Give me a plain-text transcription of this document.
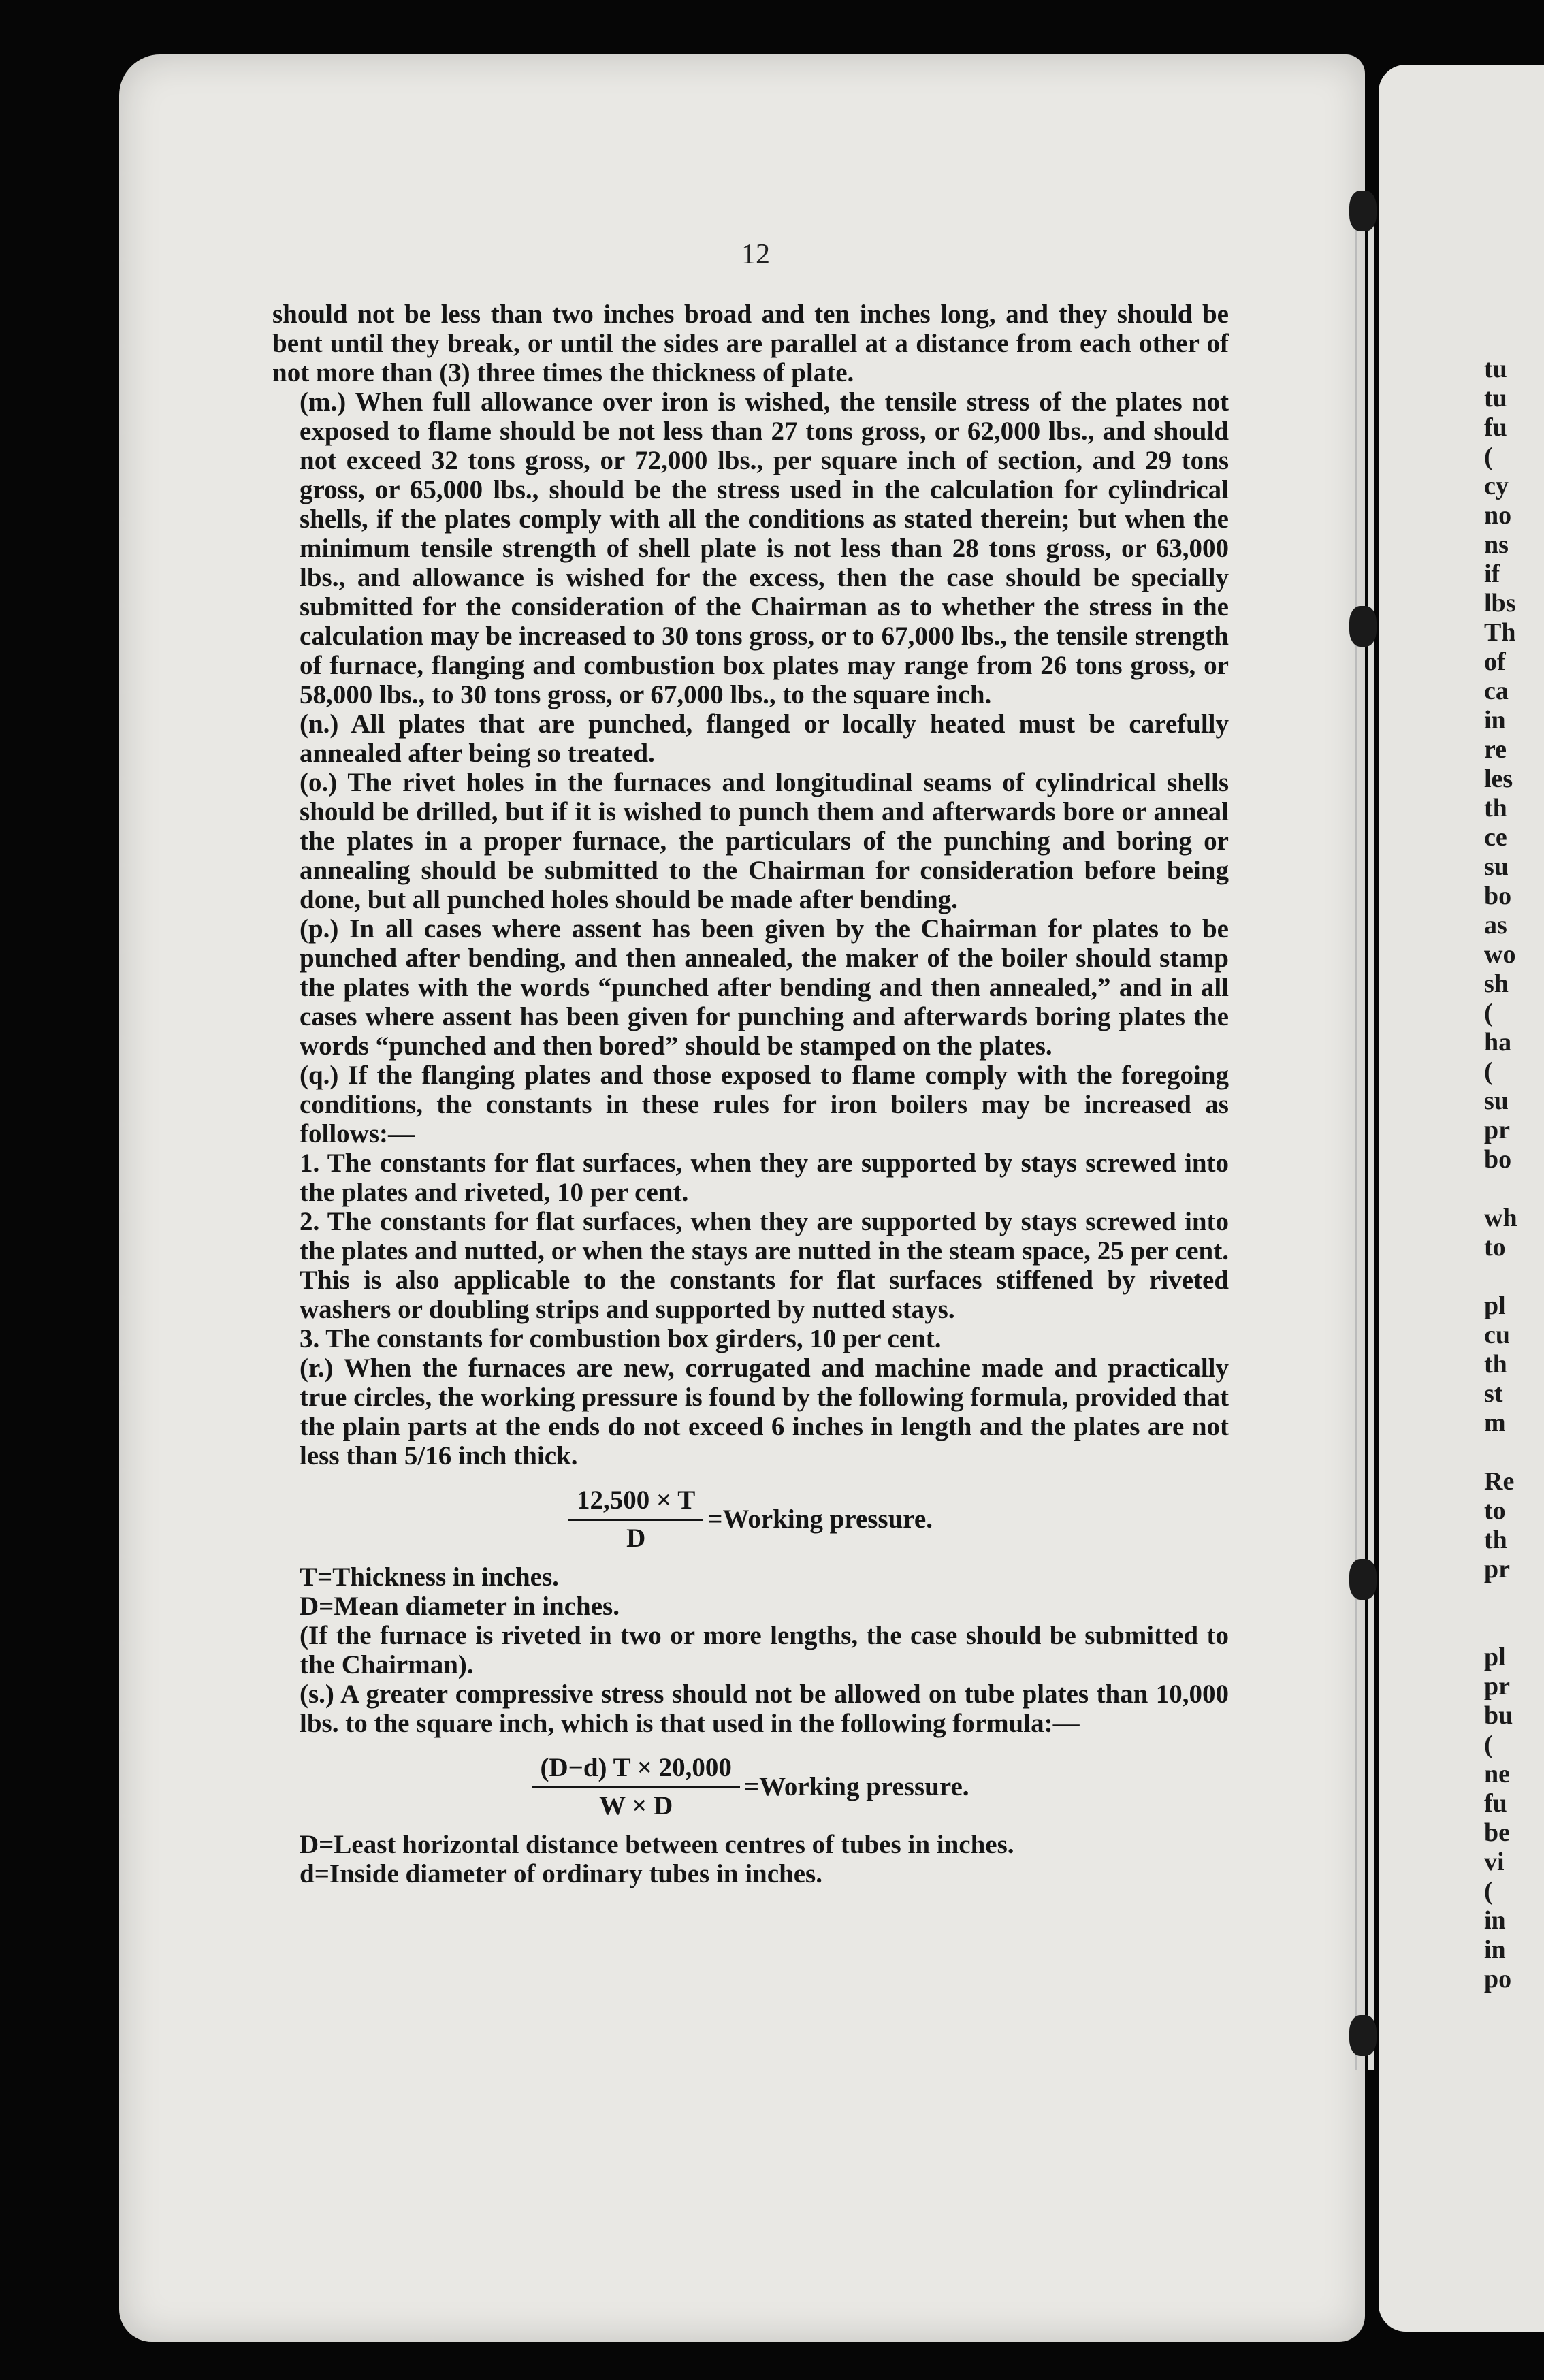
tu
tu
fu
(
cy
no
ns
if
lbs
Th
of
ca
in
re
les
th
ce
su
bo
as
wo
sh
(
ha
(
su
pr
bo
wh
to
pl
cu
th
st
m
Re
to
th
pr
pl
pr
bu
(
ne
fu
be
vi
(
in
in
po
12

should not be less than two inches broad and ten inches long, and they should be bent until they break, or until the sides are parallel at a distance from each other of not more than (3) three times the thickness of plate.

(m.) When full allowance over iron is wished, the tensile stress of the plates not exposed to flame should be not less than 27 tons gross, or 62,000 lbs., and should not exceed 32 tons gross, or 72,000 lbs., per square inch of section, and 29 tons gross, or 65,000 lbs., should be the stress used in the calculation for cylindrical shells, if the plates comply with all the conditions as stated therein; but when the minimum tensile strength of shell plate is not less than 28 tons gross, or 63,000 lbs., and allowance is wished for the excess, then the case should be specially submitted for the consideration of the Chairman as to whether the stress in the calculation may be increased to 30 tons gross, or to 67,000 lbs., the tensile strength of furnace, flanging and combustion box plates may range from 26 tons gross, or 58,000 lbs., to 30 tons gross, or 67,000 lbs., to the square inch.

(n.) All plates that are punched, flanged or locally heated must be carefully annealed after being so treated.

(o.) The rivet holes in the furnaces and longitudinal seams of cylindrical shells should be drilled, but if it is wished to punch them and afterwards bore or anneal the plates in a proper furnace, the particulars of the punching and boring or annealing should be submitted to the Chairman for consideration before being done, but all punched holes should be made after bending.

(p.) In all cases where assent has been given by the Chairman for plates to be punched after bending, and then annealed, the maker of the boiler should stamp the plates with the words “punched after bending and then annealed,” and in all cases where assent has been given for punching and afterwards boring plates the words “punched and then bored” should be stamped on the plates.

(q.) If the flanging plates and those exposed to flame comply with the foregoing conditions, the constants in these rules for iron boilers may be increased as follows:—

1. The constants for flat surfaces, when they are supported by stays screwed into the plates and riveted, 10 per cent.

2. The constants for flat surfaces, when they are supported by stays screwed into the plates and nutted, or when the stays are nutted in the steam space, 25 per cent. This is also applicable to the constants for flat surfaces stiffened by riveted washers or doubling strips and supported by nutted stays.

3. The constants for combustion box girders, 10 per cent.

(r.) When the furnaces are new, corrugated and machine made and practically true circles, the working pressure is found by the following formula, provided that the plain parts at the ends do not exceed 6 inches in length and the plates are not less than 5/16 inch thick.

$\frac{12,500 \times T}{D}$ =Working pressure.

T=Thickness in inches.

D=Mean diameter in inches.

(If the furnace is riveted in two or more lengths, the case should be submitted to the Chairman).

(s.) A greater compressive stress should not be allowed on tube plates than 10,000 lbs. to the square inch, which is that used in the following formula:—

$\frac{(D-d) T \times 20,000}{W \times D}$ =Working pressure.

D=Least horizontal distance between centres of tubes in inches.

d=Inside diameter of ordinary tubes in inches.
